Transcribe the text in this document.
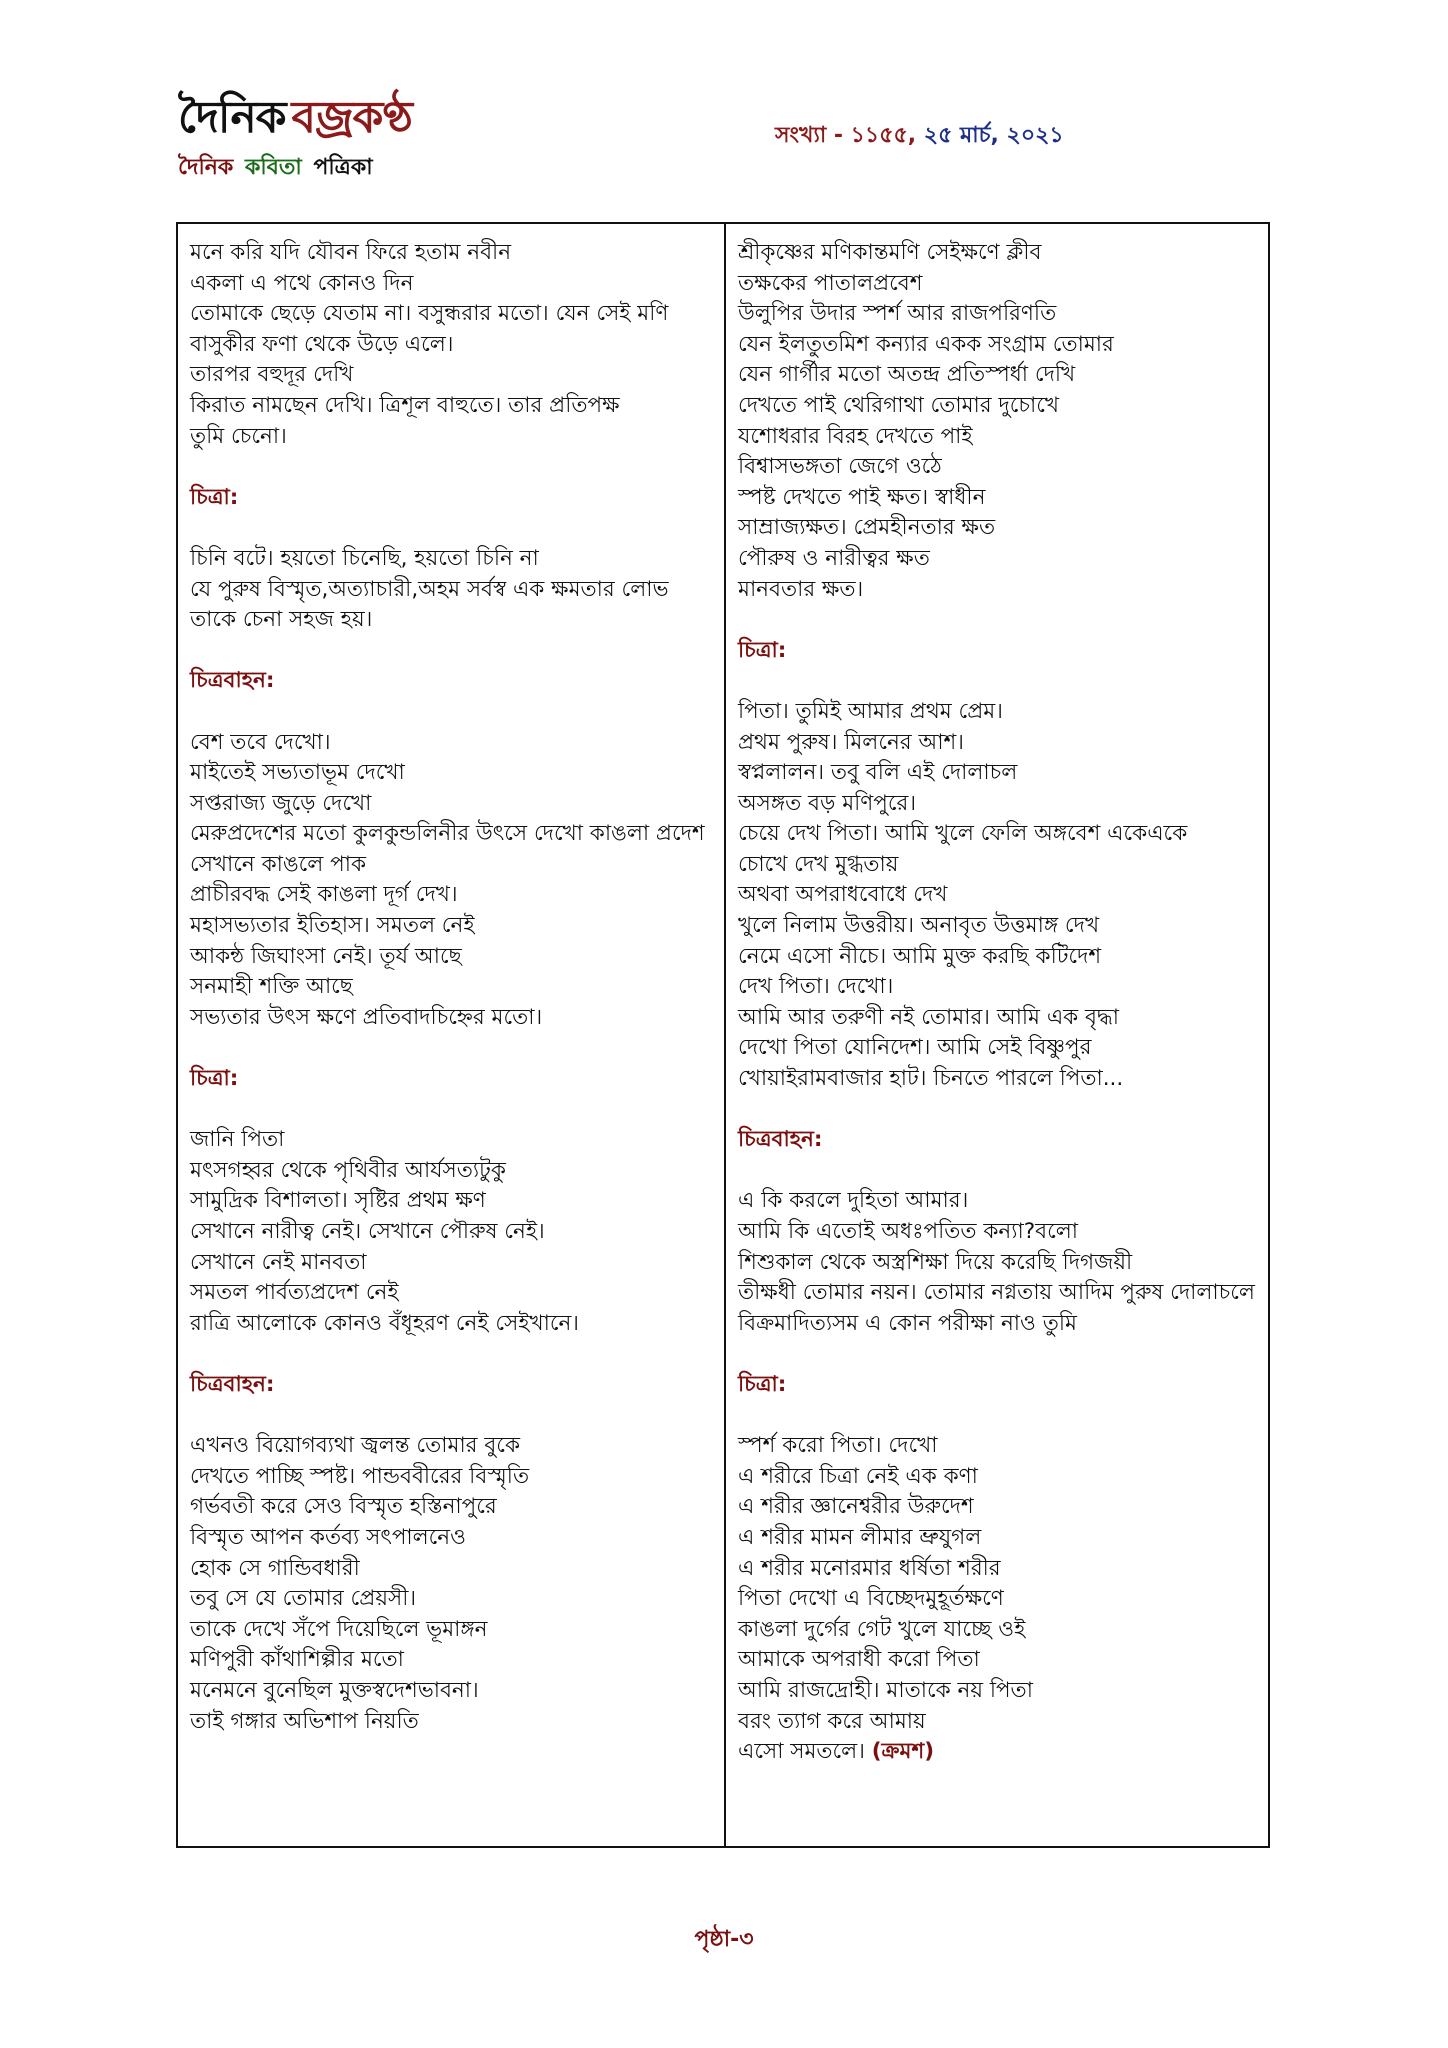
দৈনিক বজ্রকণ্ঠ
দৈনিক কবিতা পত্রিকা
সংখ্যা - ১১৫৫, ২৫ মার্চ, ২০২১
মনে করি যদি যৌবন ফিরে হতাম নবীন
একলা এ পথে কোনও দিন
তোমাকে ছেড়ে যেতাম না। বসুন্ধরার মতো। যেন সেই মণি
বাসুকীর ফণা থেকে উড়ে এলে।
তারপর বহুদূর দেখি
কিরাত নামছেন দেখি। ত্রিশূল বাহুতে। তার প্রতিপক্ষ
তুমি চেনো।
চিত্রা:
চিনি বটে। হয়তো চিনেছি, হয়তো চিনি না
যে পুরুষ বিস্মৃত,অত্যাচারী,অহম সর্বস্ব এক ক্ষমতার লোভ
তাকে চেনা সহজ হয়।
চিত্রবাহন:
বেশ তবে দেখো।
মাইতেই সভ্যতাভূম দেখো
সপ্তরাজ্য জুড়ে দেখো
মেরুপ্রদেশের মতো কুলকুন্ডলিনীর উৎসে দেখো কাঙলা প্রদেশ
সেখানে কাঙলে পাক
প্রাচীরবদ্ধ সেই কাঙলা দূর্গ দেখ।
মহাসভ্যতার ইতিহাস। সমতল নেই
আকন্ঠ জিঘাংসা নেই। তূর্য আছে
সনমাহী শক্তি আছে
সভ্যতার উৎস ক্ষণে প্রতিবাদচিহ্নের মতো।
চিত্রা:
জানি পিতা
মৎসগহ্বর থেকে পৃথিবীর আর্যসত্যটুকু
সামুদ্রিক বিশালতা। সৃষ্টির প্রথম ক্ষণ
সেখানে নারীত্ব নেই। সেখানে পৌরুষ নেই।
সেখানে নেই মানবতা
সমতল পার্বত্যপ্রদেশ নেই
রাত্রি আলোকে কোনও বঁধূহরণ নেই সেইখানে।
চিত্রবাহন:
এখনও বিয়োগব্যথা জ্বলন্ত তোমার বুকে
দেখতে পাচ্ছি স্পষ্ট। পান্ডববীরের বিস্মৃতি
গর্ভবতী করে সেও বিস্মৃত হস্তিনাপুরে
বিস্মৃত আপন কর্তব্য সৎপালনেও
হোক সে গান্ডিবধারী
তবু সে যে তোমার প্রেয়সী।
তাকে দেখে সঁপে দিয়েছিলে ভূমাঙ্গন
মণিপুরী কাঁথাশিল্পীর মতো
মনেমনে বুনেছিল মুক্তস্বদেশভাবনা।
তাই গঙ্গার অভিশাপ নিয়তি
শ্রীকৃষ্ণের মণিকান্তমণি সেইক্ষণে ক্লীব
তক্ষকের পাতালপ্রবেশ
উলুপির উদার স্পর্শ আর রাজপরিণতি
যেন ইলতুতমিশ কন্যার একক সংগ্রাম তোমার
যেন গার্গীর মতো অতন্দ্র প্রতিস্পর্ধা দেখি
দেখতে পাই থেরিগাথা তোমার দুচোখে
যশোধরার বিরহ দেখতে পাই
বিশ্বাসভঙ্গতা জেগে ওঠে
স্পষ্ট দেখতে পাই ক্ষত। স্বাধীন
সাম্রাজ্যক্ষত। প্রেমহীনতার ক্ষত
পৌরুষ ও নারীত্বর ক্ষত
মানবতার ক্ষত।
চিত্রা:
পিতা। তুমিই আমার প্রথম প্রেম।
প্রথম পুরুষ। মিলনের আশ।
স্বপ্নলালন। তবু বলি এই দোলাচল
অসঙ্গত বড় মণিপুরে।
চেয়ে দেখ পিতা। আমি খুলে ফেলি অঙ্গবেশ একেএকে
চোখে দেখ মুগ্ধতায়
অথবা অপরাধবোধে দেখ
খুলে নিলাম উত্তরীয়। অনাবৃত উত্তমাঙ্গ দেখ
নেমে এসো নীচে। আমি মুক্ত করছি কটিদেশ
দেখ পিতা। দেখো।
আমি আর তরুণী নই তোমার। আমি এক বৃদ্ধা
দেখো পিতা যোনিদেশ। আমি সেই বিষ্ণুপুর
খোয়াইরামবাজার হাট। চিনতে পারলে পিতা...
চিত্রবাহন:
এ কি করলে দুহিতা আমার।
আমি কি এতোই অধঃপতিত কন্যা?বলো
শিশুকাল থেকে অস্ত্রশিক্ষা দিয়ে করেছি দিগজয়ী
তীক্ষধী তোমার নয়ন। তোমার নগ্নতায় আদিম পুরুষ দোলাচলে
বিক্রমাদিত্যসম এ কোন পরীক্ষা নাও তুমি
চিত্রা:
স্পর্শ করো পিতা। দেখো
এ শরীরে চিত্রা নেই এক কণা
এ শরীর জ্ঞানেশ্বরীর উরুদেশ
এ শরীর মামন লীমার ভ্রুযুগল
এ শরীর মনোরমার ধর্ষিতা শরীর
পিতা দেখো এ বিচ্ছেদমুহূর্তক্ষণে
কাঙলা দুর্গের গেট খুলে যাচ্ছে ওই
আমাকে অপরাধী করো পিতা
আমি রাজদ্রোহী। মাতাকে নয় পিতা
বরং ত্যাগ করে আমায়
এসো সমতলে। (ক্রমশ)
পৃষ্ঠা-৩
